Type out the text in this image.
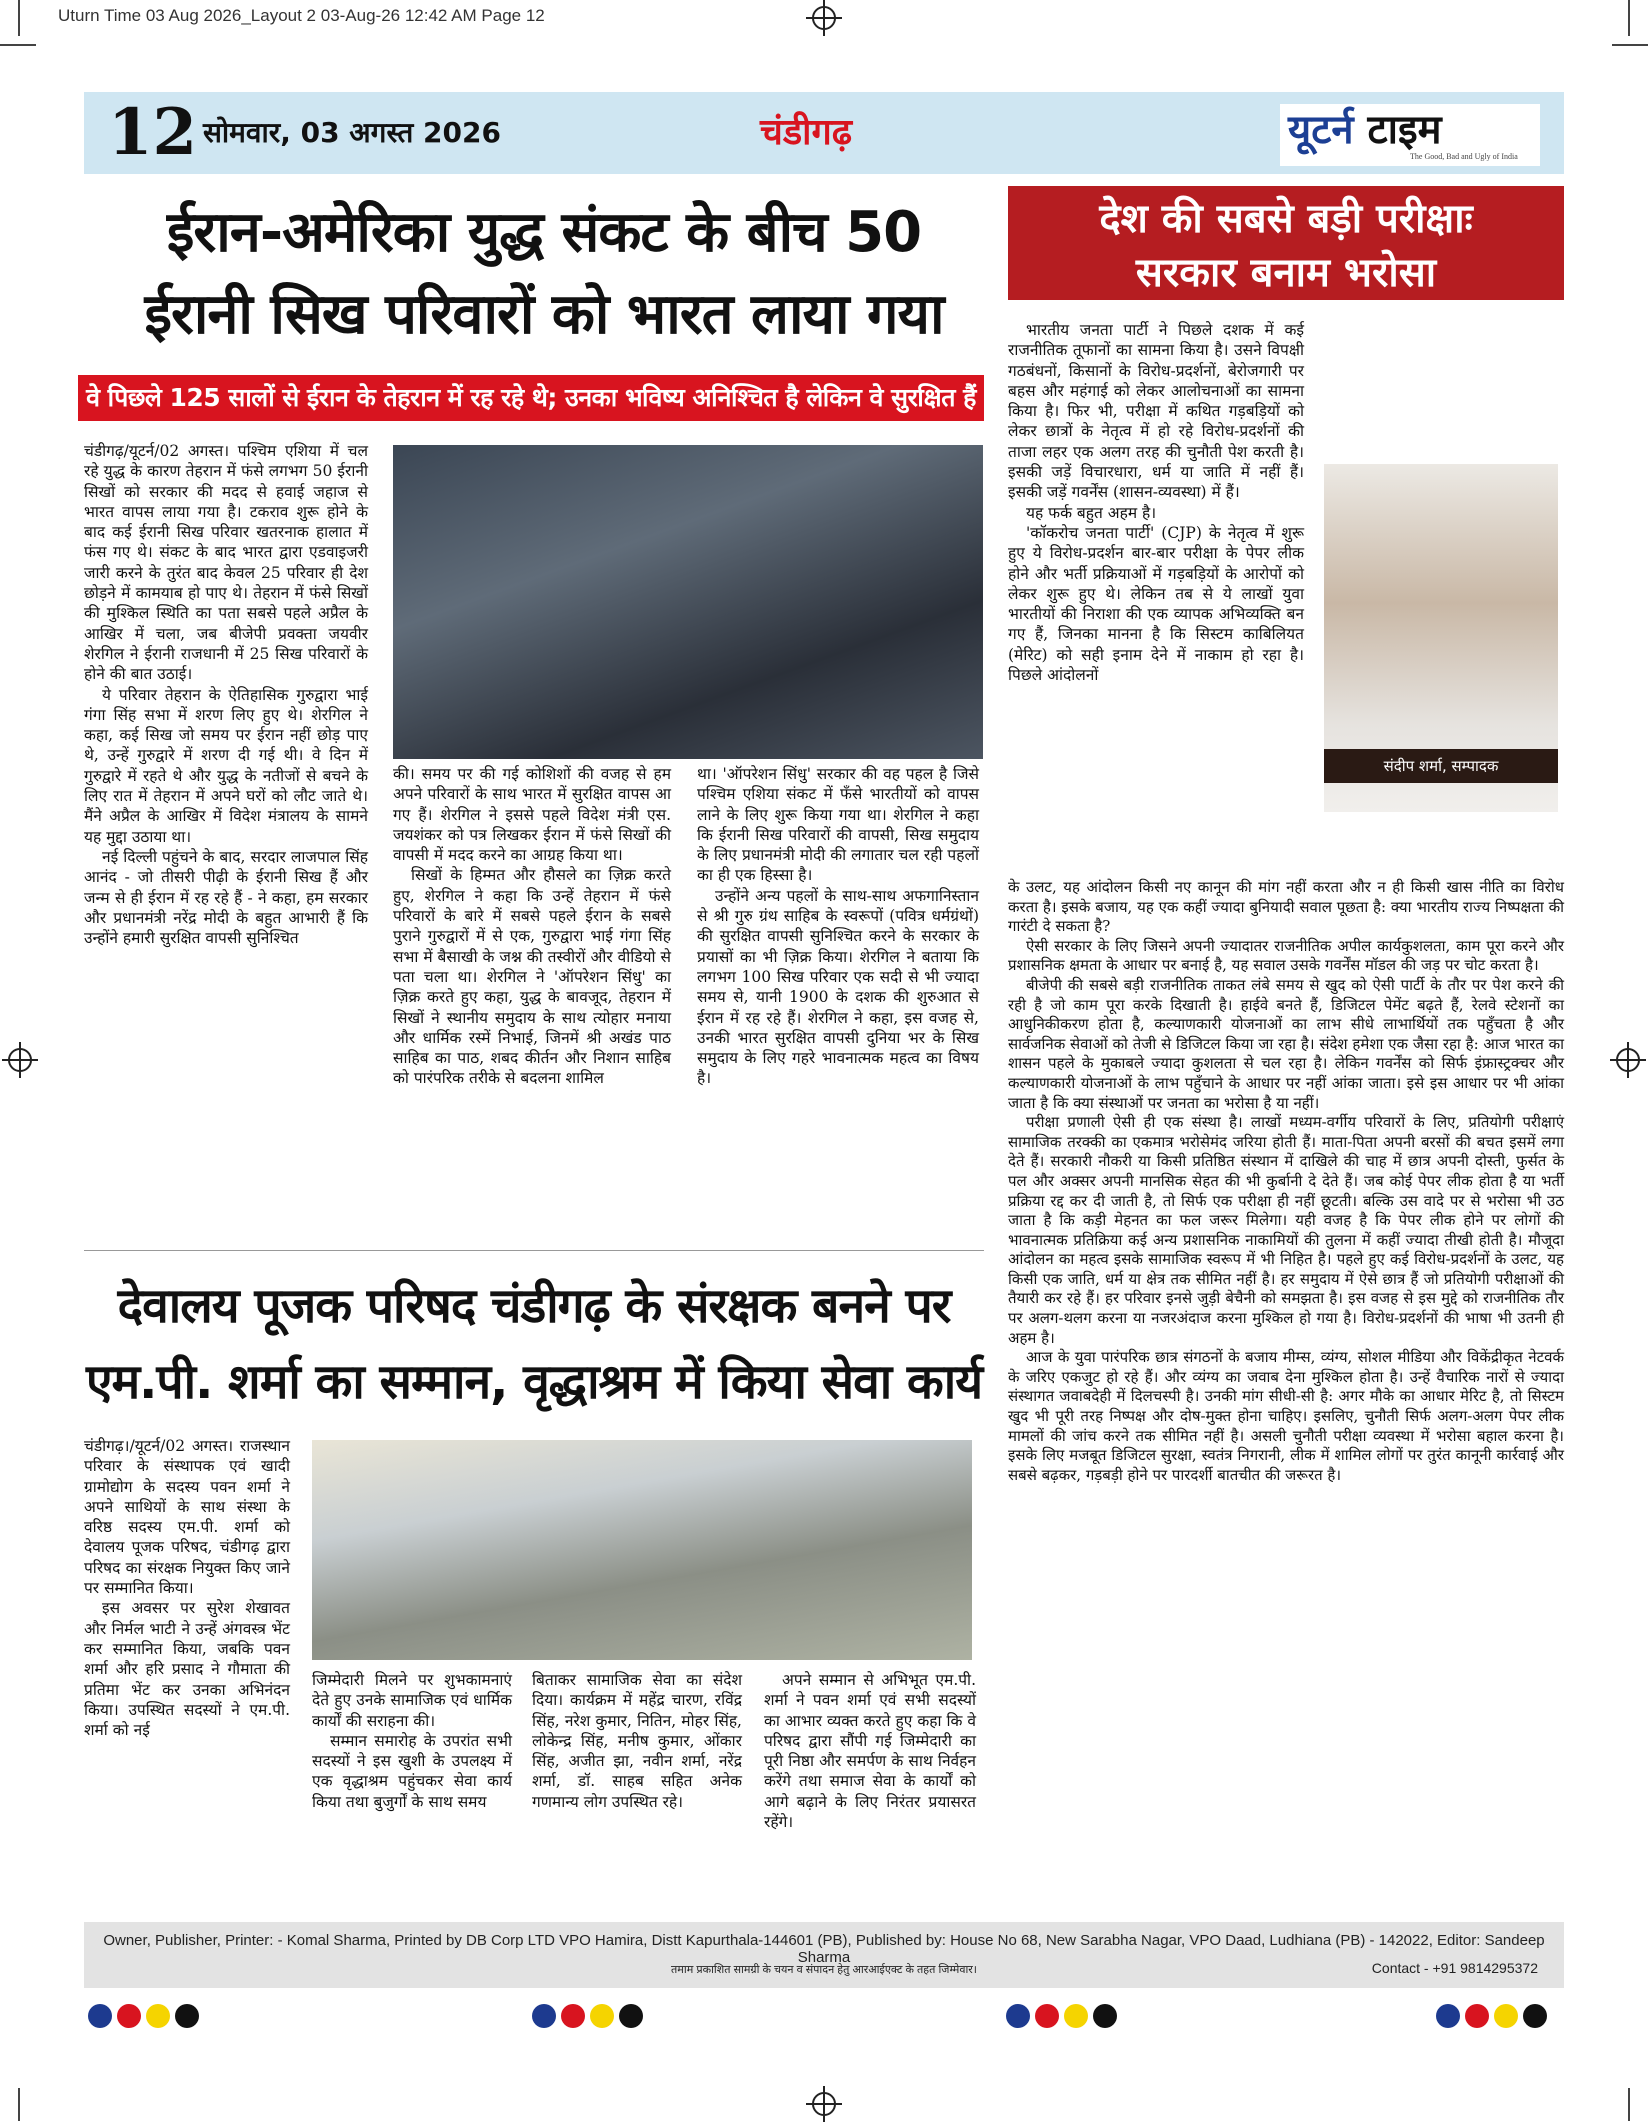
Uturn Time 03 Aug 2026_Layout 2 03-Aug-26 12:42 AM Page 12
12 सोमवार, 03 अगस्त 2026	चंडीगढ़	यूटर्न टाइम
The Good, Bad and Ugly of India
ईरान-अमेरिका युद्ध संकट के बीच 50
ईरानी सिख परिवारों को भारत लाया गया
वे पिछले 125 सालों से ईरान के तेहरान में रह रहे थे; उनका भविष्य अनिश्चित है लेकिन वे सुरक्षित हैं

चंडीगढ़/यूटर्न/02 अगस्त। पश्चिम एशिया में चल रहे युद्ध के कारण तेहरान में फंसे लगभग 50 ईरानी सिखों को सरकार की मदद से हवाई जहाज से भारत वापस लाया गया है। टकराव शुरू होने के बाद कई ईरानी सिख परिवार खतरनाक हालात में फंस गए थे। संकट के बाद भारत द्वारा एडवाइजरी जारी करने के तुरंत बाद केवल 25 परिवार ही देश छोड़ने में कामयाब हो पाए थे। तेहरान में फंसे सिखों की मुश्किल स्थिति का पता सबसे पहले अप्रैल के आखिर में चला, जब बीजेपी प्रवक्ता जयवीर शेरगिल ने ईरानी राजधानी में 25 सिख परिवारों के होने की बात उठाई।

ये परिवार तेहरान के ऐतिहासिक गुरुद्वारा भाई गंगा सिंह सभा में शरण लिए हुए थे। शेरगिल ने कहा, कई सिख जो समय पर ईरान नहीं छोड़ पाए थे, उन्हें गुरुद्वारे में शरण दी गई थी। वे दिन में गुरुद्वारे में रहते थे और युद्ध के नतीजों से बचने के लिए रात में तेहरान में अपने घरों को लौट जाते थे। मैंने अप्रैल के आखिर में विदेश मंत्रालय के सामने यह मुद्दा उठाया था।

नई दिल्ली पहुंचने के बाद, सरदार लाजपाल सिंह आनंद - जो तीसरी पीढ़ी के ईरानी सिख हैं और जन्म से ही ईरान में रह रहे हैं - ने कहा, हम सरकार और प्रधानमंत्री नरेंद्र मोदी के बहुत आभारी हैं कि उन्होंने हमारी सुरक्षित वापसी सुनिश्चित

की। समय पर की गई कोशिशों की वजह से हम अपने परिवारों के साथ भारत में सुरक्षित वापस आ गए हैं। शेरगिल ने इससे पहले विदेश मंत्री एस. जयशंकर को पत्र लिखकर ईरान में फंसे सिखों की वापसी में मदद करने का आग्रह किया था।

सिखों के हिम्मत और हौसले का ज़िक्र करते हुए, शेरगिल ने कहा कि उन्हें तेहरान में फंसे परिवारों के बारे में सबसे पहले ईरान के सबसे पुराने गुरुद्वारों में से एक, गुरुद्वारा भाई गंगा सिंह सभा में बैसाखी के जश्न की तस्वीरों और वीडियो से पता चला था। शेरगिल ने 'ऑपरेशन सिंधु' का ज़िक्र करते हुए कहा, युद्ध के बावजूद, तेहरान में सिखों ने स्थानीय समुदाय के साथ त्योहार मनाया और धार्मिक रस्में निभाई, जिनमें श्री अखंड पाठ साहिब का पाठ, शबद कीर्तन और निशान साहिब को पारंपरिक तरीके से बदलना शामिल

था। 'ऑपरेशन सिंधु' सरकार की वह पहल है जिसे पश्चिम एशिया संकट में फँसे भारतीयों को वापस लाने के लिए शुरू किया गया था। शेरगिल ने कहा कि ईरानी सिख परिवारों की वापसी, सिख समुदाय के लिए प्रधानमंत्री मोदी की लगातार चल रही पहलों का ही एक हिस्सा है।

उन्होंने अन्य पहलों के साथ-साथ अफगानिस्तान से श्री गुरु ग्रंथ साहिब के स्वरूपों (पवित्र धर्मग्रंथों) की सुरक्षित वापसी सुनिश्चित करने के सरकार के प्रयासों का भी ज़िक्र किया। शेरगिल ने बताया कि लगभग 100 सिख परिवार एक सदी से भी ज्यादा समय से, यानी 1900 के दशक की शुरुआत से ईरान में रह रहे हैं। शेरगिल ने कहा, इस वजह से, उनकी भारत सुरक्षित वापसी दुनिया भर के सिख समुदाय के लिए गहरे भावनात्मक महत्व का विषय है।

देवालय पूजक परिषद चंडीगढ़ के संरक्षक बनने पर
एम.पी. शर्मा का सम्मान, वृद्धाश्रम में किया सेवा कार्य

चंडीगढ़।/यूटर्न/02 अगस्त। राजस्थान परिवार के संस्थापक एवं खादी ग्रामोद्योग के सदस्य पवन शर्मा ने अपने साथियों के साथ संस्था के वरिष्ठ सदस्य एम.पी. शर्मा को देवालय पूजक परिषद, चंडीगढ़ द्वारा परिषद का संरक्षक नियुक्त किए जाने पर सम्मानित किया।

इस अवसर पर सुरेश शेखावत और निर्मल भाटी ने उन्हें अंगवस्त्र भेंट कर सम्मानित किया, जबकि पवन शर्मा और हरि प्रसाद ने गौमाता की प्रतिमा भेंट कर उनका अभिनंदन किया। उपस्थित सदस्यों ने एम.पी. शर्मा को नई

जिम्मेदारी मिलने पर शुभकामनाएं देते हुए उनके सामाजिक एवं धार्मिक कार्यों की सराहना की।

सम्मान समारोह के उपरांत सभी सदस्यों ने इस खुशी के उपलक्ष्य में एक वृद्धाश्रम पहुंचकर सेवा कार्य किया तथा बुजुर्गों के साथ समय

बिताकर सामाजिक सेवा का संदेश दिया। कार्यक्रम में महेंद्र चारण, रविंद्र सिंह, नरेश कुमार, नितिन, मोहर सिंह, लोकेन्द्र सिंह, मनीष कुमार, ओंकार सिंह, अजीत झा, नवीन शर्मा, नरेंद्र शर्मा, डॉ. साहब सहित अनेक गणमान्य लोग उपस्थित रहे।

अपने सम्मान से अभिभूत एम.पी. शर्मा ने पवन शर्मा एवं सभी सदस्यों का आभार व्यक्त करते हुए कहा कि वे परिषद द्वारा सौंपी गई जिम्मेदारी का पूरी निष्ठा और समर्पण के साथ निर्वहन करेंगे तथा समाज सेवा के कार्यों को आगे बढ़ाने के लिए निरंतर प्रयासरत रहेंगे।

देश की सबसे बड़ी परीक्षाः
सरकार बनाम भरोसा
संदीप शर्मा, सम्पादक

भारतीय जनता पार्टी ने पिछले दशक में कई राजनीतिक तूफानों का सामना किया है। उसने विपक्षी गठबंधनों, किसानों के विरोध-प्रदर्शनों, बेरोजगारी पर बहस और महंगाई को लेकर आलोचनाओं का सामना किया है। फिर भी, परीक्षा में कथित गड़बड़ियों को लेकर छात्रों के नेतृत्व में हो रहे विरोध-प्रदर्शनों की ताजा लहर एक अलग तरह की चुनौती पेश करती है। इसकी जड़ें विचारधारा, धर्म या जाति में नहीं हैं। इसकी जड़ें गवर्नेंस (शासन-व्यवस्था) में हैं।

यह फर्क बहुत अहम है।

'कॉकरोच जनता पार्टी' (CJP) के नेतृत्व में शुरू हुए ये विरोध-प्रदर्शन बार-बार परीक्षा के पेपर लीक होने और भर्ती प्रक्रियाओं में गड़बड़ियों के आरोपों को लेकर शुरू हुए थे। लेकिन तब से ये लाखों युवा भारतीयों की निराशा की एक व्यापक अभिव्यक्ति बन गए हैं, जिनका मानना है कि सिस्टम काबिलियत (मेरिट) को सही इनाम देने में नाकाम हो रहा है। पिछले आंदोलनों

के उलट, यह आंदोलन किसी नए कानून की मांग नहीं करता और न ही किसी खास नीति का विरोध करता है। इसके बजाय, यह एक कहीं ज्यादा बुनियादी सवाल पूछता है: क्या भारतीय राज्य निष्पक्षता की गारंटी दे सकता है?

ऐसी सरकार के लिए जिसने अपनी ज्यादातर राजनीतिक अपील कार्यकुशलता, काम पूरा करने और प्रशासनिक क्षमता के आधार पर बनाई है, यह सवाल उसके गवर्नेंस मॉडल की जड़ पर चोट करता है।

बीजेपी की सबसे बड़ी राजनीतिक ताकत लंबे समय से खुद को ऐसी पार्टी के तौर पर पेश करने की रही है जो काम पूरा करके दिखाती है। हाईवे बनते हैं, डिजिटल पेमेंट बढ़ते हैं, रेलवे स्टेशनों का आधुनिकीकरण होता है, कल्याणकारी योजनाओं का लाभ सीधे लाभार्थियों तक पहुँचता है और सार्वजनिक सेवाओं को तेजी से डिजिटल किया जा रहा है। संदेश हमेशा एक जैसा रहा है: आज भारत का शासन पहले के मुकाबले ज्यादा कुशलता से चल रहा है। लेकिन गवर्नेंस को सिर्फ इंफ्रास्ट्रक्चर और कल्याणकारी योजनाओं के लाभ पहुँचाने के आधार पर नहीं आंका जाता। इसे इस आधार पर भी आंका जाता है कि क्या संस्थाओं पर जनता का भरोसा है या नहीं।

परीक्षा प्रणाली ऐसी ही एक संस्था है। लाखों मध्यम-वर्गीय परिवारों के लिए, प्रतियोगी परीक्षाएं सामाजिक तरक्की का एकमात्र भरोसेमंद जरिया होती हैं। माता-पिता अपनी बरसों की बचत इसमें लगा देते हैं। सरकारी नौकरी या किसी प्रतिष्ठित संस्थान में दाखिले की चाह में छात्र अपनी दोस्ती, फुर्सत के पल और अक्सर अपनी मानसिक सेहत की भी कुर्बानी दे देते हैं। जब कोई पेपर लीक होता है या भर्ती प्रक्रिया रद्द कर दी जाती है, तो सिर्फ एक परीक्षा ही नहीं छूटती। बल्कि उस वादे पर से भरोसा भी उठ जाता है कि कड़ी मेहनत का फल जरूर मिलेगा। यही वजह है कि पेपर लीक होने पर लोगों की भावनात्मक प्रतिक्रिया कई अन्य प्रशासनिक नाकामियों की तुलना में कहीं ज्यादा तीखी होती है। मौजूदा आंदोलन का महत्व इसके सामाजिक स्वरूप में भी निहित है। पहले हुए कई विरोध-प्रदर्शनों के उलट, यह किसी एक जाति, धर्म या क्षेत्र तक सीमित नहीं है। हर समुदाय में ऐसे छात्र हैं जो प्रतियोगी परीक्षाओं की तैयारी कर रहे हैं। हर परिवार इनसे जुड़ी बेचैनी को समझता है। इस वजह से इस मुद्दे को राजनीतिक तौर पर अलग-थलग करना या नजरअंदाज करना मुश्किल हो गया है। विरोध-प्रदर्शनों की भाषा भी उतनी ही अहम है।

आज के युवा पारंपरिक छात्र संगठनों के बजाय मीम्स, व्यंग्य, सोशल मीडिया और विकेंद्रीकृत नेटवर्क के जरिए एकजुट हो रहे हैं। और व्यंग्य का जवाब देना मुश्किल होता है। उन्हें वैचारिक नारों से ज्यादा संस्थागत जवाबदेही में दिलचस्पी है। उनकी मांग सीधी-सी है: अगर मौके का आधार मेरिट है, तो सिस्टम खुद भी पूरी तरह निष्पक्ष और दोष-मुक्त होना चाहिए। इसलिए, चुनौती सिर्फ अलग-अलग पेपर लीक मामलों की जांच करने तक सीमित नहीं है। असली चुनौती परीक्षा व्यवस्था में भरोसा बहाल करना है। इसके लिए मजबूत डिजिटल सुरक्षा, स्वतंत्र निगरानी, लीक में शामिल लोगों पर तुरंत कानूनी कार्रवाई और सबसे बढ़कर, गड़बड़ी होने पर पारदर्शी बातचीत की जरूरत है।

Owner, Publisher, Printer: - Komal Sharma, Printed by DB Corp LTD VPO Hamira, Distt Kapurthala-144601 (PB), Published by: House No 68, New Sarabha Nagar, VPO Daad, Ludhiana (PB) - 142022, Editor: Sandeep Sharma
तमाम प्रकाशित सामग्री के चयन व संपादन हेतु आरआईएक्ट के तहत जिम्मेवार।	Contact - +91 9814295372
